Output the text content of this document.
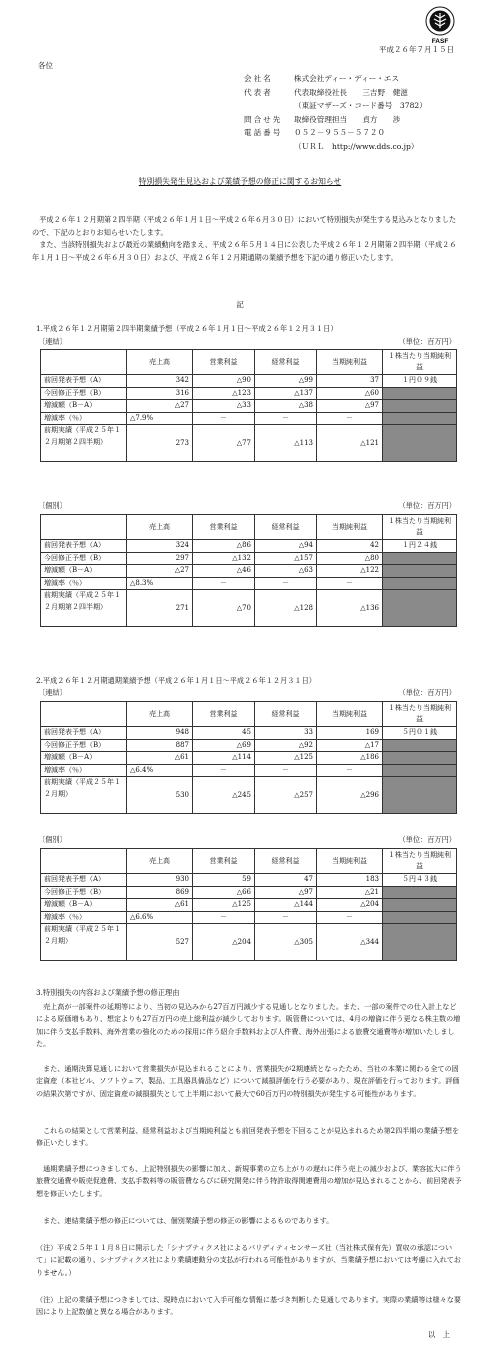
FASF
平成２６年７月１５日
各位
会社名	株式会社ディー・ディー・エス
代表者	代表取締役社長　　三吉野　健滋
（東証マザーズ・コード番号　3782）
問合せ先 取締役管理担当　　貞方　　渉
電話番号 ０５２－９５５－５７２０
（ＵＲＬ　http://www.dds.co.jp）
特別損失発生見込および業績予想の修正に関するお知らせ
　平成２６年１２月期第２四半期（平成２６年１月１日～平成２６年６月３０日）において特別損失が発生する見込みとなりましたので、下記のとおりお知らせいたします。
　また、当該特別損失および最近の業績動向を踏まえ、平成２６年５月１４日に公表した平成２６年１２月期第２四半期（平成２６年１月１日～平成２６年６月３０日）および、平成２６年１２月期通期の業績予想を下記の通り修正いたします。
記
1.平成２６年１２月期第２四半期業績予想（平成２６年１月１日～平成２６年１２月３１日）
〔連結〕	（単位：百万円）
	売上高	営業利益	経常利益	当期純利益	１株当たり当期純利益
前回発表予想（A）	342	△90	△99	37	１円０９銭
今回修正予想（B）	316	△123	△137	△60	
増減額（B－A）	△27	△33	△38	△97	
増減率（％）	△7.9%	－	－	－	
前期実績（平成２５年１２月期第２四半期）	273	△77	△113	△121	
〔個別〕	（単位：百万円）
	売上高	営業利益	経常利益	当期純利益	１株当たり当期純利益
前回発表予想（A）	324	△86	△94	42	１円２４銭
今回修正予想（B）	297	△132	△157	△80	
増減額（B－A）	△27	△46	△63	△122	
増減率（％）	△8.3%	－	－	－	
前期実績（平成２５年１２月期第２四半期）	271	△70	△128	△136	
2.平成２６年１２月期通期業績予想（平成２６年１月１日～平成２６年１２月３１日）
〔連結〕	（単位：百万円）
	売上高	営業利益	経常利益	当期純利益	１株当たり当期純利益
前回発表予想（A）	948	45	33	169	５円０１銭
今回修正予想（B）	887	△69	△92	△17	
増減額（B－A）	△61	△114	△125	△186	
増減率（％）	△6.4%	－	－	－	
前期実績（平成２５年１２月期）	530	△245	△257	△296	
〔個別〕	（単位：百万円）
	売上高	営業利益	経常利益	当期純利益	１株当たり当期純利益
前回発表予想（A）	930	59	47	183	５円４３銭
今回修正予想（B）	869	△66	△97	△21	
増減額（B－A）	△61	△125	△144	△204	
増減率（％）	△6.6%	－	－	－	
前期実績（平成２５年１２月期）	527	△204	△305	△344	
3.特別損失の内容および業績予想の修正理由
　売上高が一部案件の延期等により、当初の見込みから27百万円減少する見通しとなりました。また、一部の案件での仕入計上などによる原価増もあり、想定よりも27百万円の売上総利益が減少しております。販管費については、4月の増資に伴う更なる株主数の増加に伴う支払手数料、海外営業の強化のための採用に伴う紹介手数料および人件費、海外出張による旅費交通費等が増加いたしました。
　また、通期決算見通しにおいて営業損失が見込まれることにより、営業損失が2期連続となったため、当社の本業に関わる全ての固定資産（本社ビル、ソフトウェア、製品、工具器具備品など）について減損評価を行う必要があり、現在評価を行っております。評価の結果次第ですが、固定資産の減損損失として上半期において最大で60百万円の特別損失が発生する可能性があります。
　これらの結果として営業利益、経常利益および当期純利益とも前回発表予想を下回ることが見込まれるため第2四半期の業績予想を修正いたします。
　通期業績予想につきましても、上記特別損失の影響に加え、新規事業の立ち上がりの遅れに伴う売上の減少および、業容拡大に伴う旅費交通費や販売促進費、支払手数料等の販管費ならびに研究開発に伴う特許取得関連費用の増加が見込まれることから、前回発表予想を修正いたします。
　また、連結業績予想の修正については、個別業績予想の修正の影響によるものであります。
（注）平成２５年１１月８日に開示した「シナプティクス社によるバリディティセンサーズ社（当社株式保有先）買収の承認について」に記載の通り、シナプティクス社により業績連動分の支払が行われる可能性がありますが、当業績予想においては考慮に入れておりません。）
（注）上記の業績予想につきましては、現時点において入手可能な情報に基づき判断した見通しであります。実際の業績等は様々な要因により上記数値と異なる場合があります。
以　上
